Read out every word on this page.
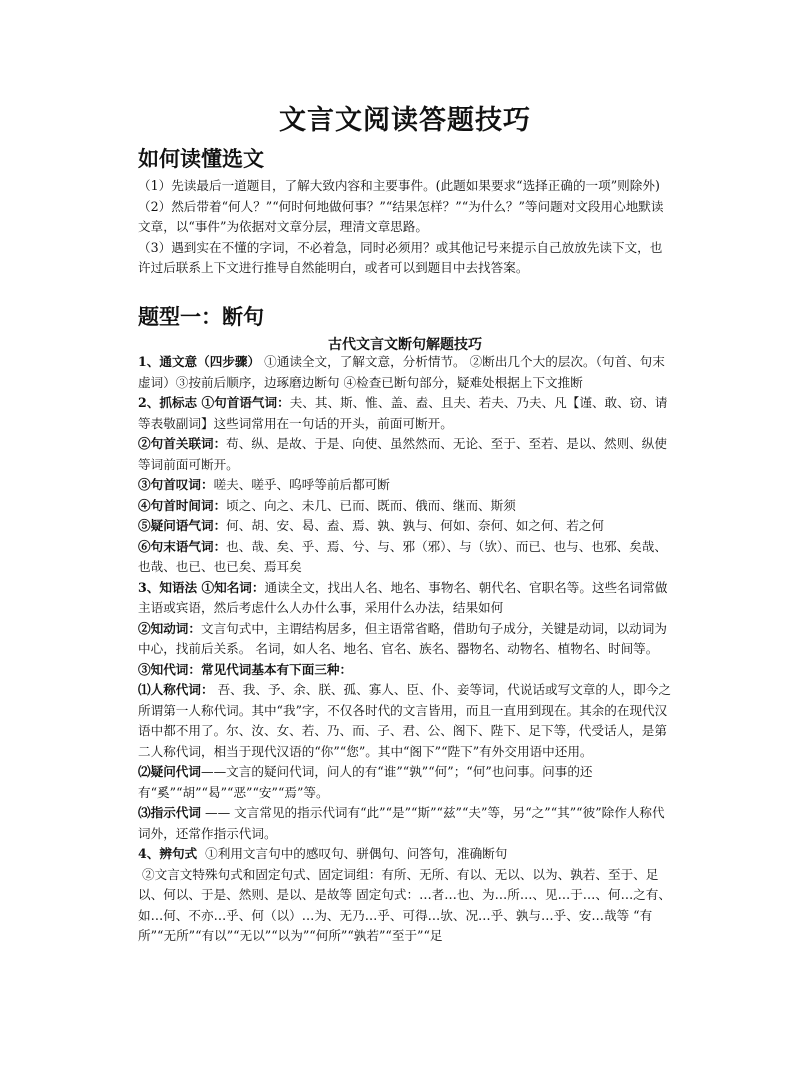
文言文阅读答题技巧
如何读懂选文
（1）先读最后一道题目，了解大致内容和主要事件。(此题如果要求“选择正确的一项”则除外)
（2）然后带着“何人？”“何时何地做何事？”“结果怎样？”“为什么？”等问题对文段用心地默读文章，以“事件”为依据对文章分层，理清文章思路。
（3）遇到实在不懂的字词，不必着急，同时必须用？或其他记号来提示自己放放先读下文，也许过后联系上下文进行推导自然能明白，或者可以到题目中去找答案。
题型一：断句
古代文言文断句解题技巧
1、通文意（四步骤） ①通读全文，了解文意，分析情节。 ②断出几个大的层次。（句首、句末虚词）③按前后顺序，边琢磨边断句 ④检查已断句部分，疑难处根据上下文推断
2、抓标志 ①句首语气词：夫、其、斯、惟、盖、盍、且夫、若夫、乃夫、凡【谨、敢、窃、请等表敬副词】这些词常用在一句话的开头，前面可断开。
②句首关联词：苟、纵、是故、于是、向使、虽然然而、无论、至于、至若、是以、然则、纵使 等词前面可断开。
③句首叹词：嗟夫、嗟乎、呜呼等前后都可断
④句首时间词：顷之、向之、未几、已而、既而、俄而、继而、斯须
⑤疑问语气词：何、胡、安、曷、盍、焉、孰、孰与、何如、奈何、如之何、若之何
⑥句末语气词：也、哉、矣、乎、焉、兮、与、邪（邪）、与（欤）、而已、也与、也邪、矣哉、也哉、也已、也已矣、焉耳矣
3、知语法 ①知名词：通读全文，找出人名、地名、事物名、朝代名、官职名等。这些名词常做主语或宾语，然后考虑什么人办什么事，采用什么办法，结果如何
②知动词：文言句式中，主谓结构居多，但主语常省略，借助句子成分，关键是动词，以动词为中心，找前后关系。 名词，如人名、地名、官名、族名、器物名、动物名、植物名、时间等。
③知代词：常见代词基本有下面三种：
⑴人称代词： 吾、我、予、余、朕、孤、寡人、臣、仆、妾等词，代说话或写文章的人，即今之所谓第一人称代词。其中“我”字，不仅各时代的文言皆用，而且一直用到现在。其余的在现代汉语中都不用了。尔、汝、女、若、乃、而、子、君、公、阁下、陛下、足下等，代受话人，是第二人称代词，相当于现代汉语的“你”“您”。其中“阁下”“陛下”有外交用语中还用。
⑵疑问代词——文言的疑问代词，问人的有“谁”“孰”“何”；“何”也问事。问事的还有“奚”“胡”“曷”“恶”“安”“焉”等。
⑶指示代词 —— 文言常见的指示代词有“此”“是”“斯”“兹”“夫”等，另“之”“其”“彼”除作人称代词外，还常作指示代词。
4、辨句式  ①利用文言句中的感叹句、骈偶句、问答句，准确断句
②文言文特殊句式和固定句式、固定词组：有所、无所、有以、无以、以为、孰若、至于、足以、何以、于是、然则、是以、是故等 固定句式：…者…也、为…所…、见…于…、何…之有、如…何、不亦…乎、何（以）…为、无乃…乎、可得…欤、况…乎、孰与…乎、安…哉等 “有所”“无所”“有以”“无以”“以为”“何所”“孰若”“至于”“足
